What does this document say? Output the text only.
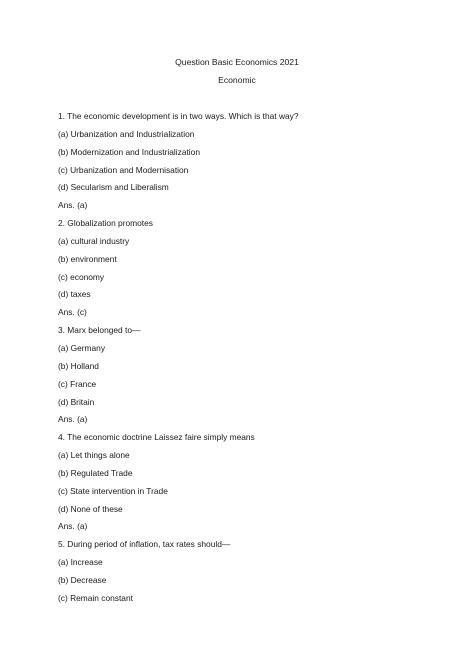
Question Basic Economics 2021
Economic
1. The economic development is in two ways. Which is that way?
(a) Urbanization and Industrialization
(b) Modernization and Industrialization
(c) Urbanization and Modernisation
(d) Secularism and Liberalism
Ans. (a)
2. Globalization promotes
(a) cultural industry
(b) environment
(c) economy
(d) taxes
Ans. (c)
3. Marx belonged to—
(a) Germany
(b) Holland
(c) France
(d) Britain
Ans. (a)
4. The economic doctrine Laissez faire simply means
(a) Let things alone
(b) Regulated Trade
(c) State intervention in Trade
(d) None of these
Ans. (a)
5. During period of inflation, tax rates should—
(a) Increase
(b) Decrease
(c) Remain constant
